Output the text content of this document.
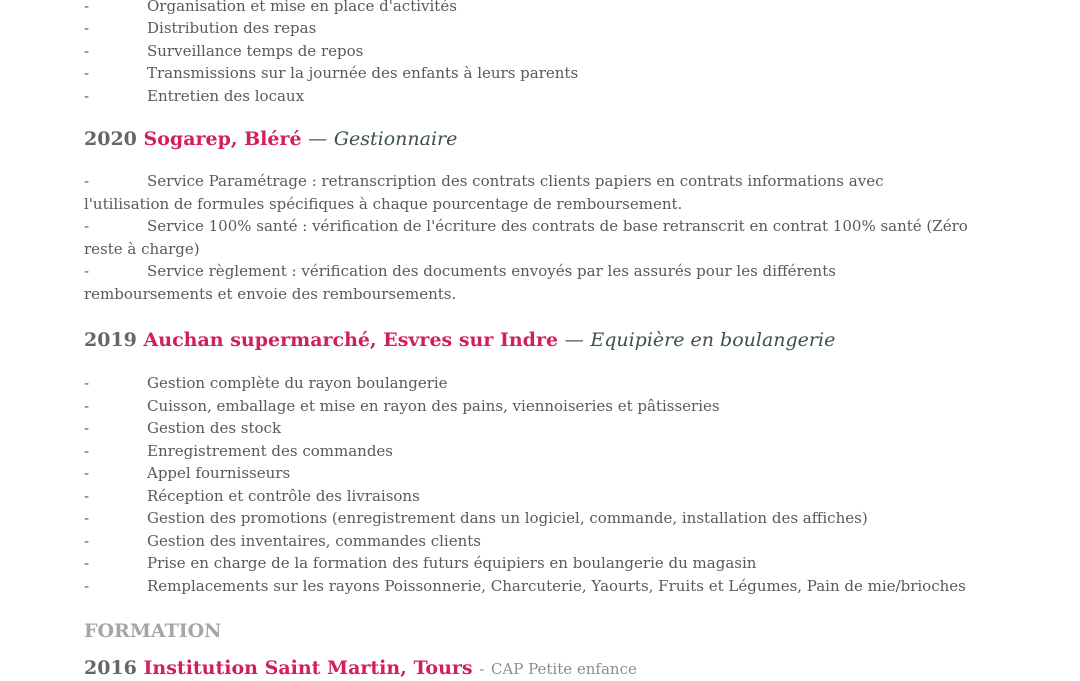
-	Organisation et mise en place d'activités
-	Distribution des repas
-	Surveillance temps de repos
-	Transmissions sur la journée des enfants à leurs parents
-	Entretien des locaux
2020 Sogarep, Bléré — Gestionnaire
-	Service Paramétrage : retranscription des contrats clients papiers en contrats informations avec l'utilisation de formules spécifiques à chaque pourcentage de remboursement.
-	Service 100% santé : vérification de l'écriture des contrats de base retranscrit en contrat 100% santé (Zéro reste à charge)
-	Service règlement : vérification des documents envoyés par les assurés pour les différents remboursements et envoie des remboursements.
2019 Auchan supermarché, Esvres sur Indre — Equipière en boulangerie
-	Gestion complète du rayon boulangerie
-	Cuisson, emballage et mise en rayon des pains, viennoiseries et pâtisseries
-	Gestion des stock
-	Enregistrement des commandes
-	Appel fournisseurs
-	Réception et contrôle des livraisons
-	Gestion des promotions (enregistrement dans un logiciel, commande, installation des affiches)
-	Gestion des inventaires, commandes clients
-	Prise en charge de la formation des futurs équipiers en boulangerie du magasin
-	Remplacements sur les rayons Poissonnerie, Charcuterie, Yaourts, Fruits et Légumes, Pain de mie/brioches
FORMATION
2016 Institution Saint Martin, Tours - CAP Petite enfance
